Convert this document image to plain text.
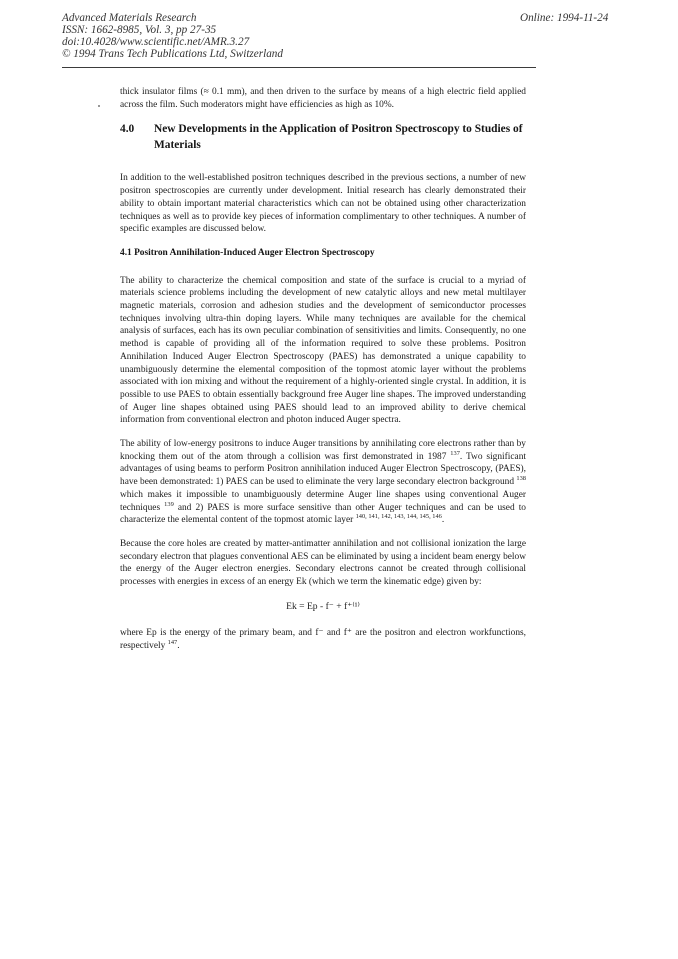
Advanced Materials Research
ISSN: 1662-8985, Vol. 3, pp 27-35
doi:10.4028/www.scientific.net/AMR.3.27
© 1994 Trans Tech Publications Ltd, Switzerland
Online: 1994-11-24

thick insulator films (≈ 0.1 mm), and then driven to the surface by means of a high electric field applied across the film. Such moderators might have efficiencies as high as 10%.

4.0	New Developments in the Application of Positron Spectroscopy to Studies of Materials

In addition to the well-established positron techniques described in the previous sections, a number of new positron spectroscopies are currently under development. Initial research has clearly demonstrated their ability to obtain important material characteristics which can not be obtained using other characterization techniques as well as to provide key pieces of information complimentary to other techniques. A number of specific examples are discussed below.

4.1 Positron Annihilation-Induced Auger Electron Spectroscopy

The ability to characterize the chemical composition and state of the surface is crucial to a myriad of materials science problems including the development of new catalytic alloys and new metal multilayer magnetic materials, corrosion and adhesion studies and the development of semiconductor processes techniques involving ultra-thin doping layers. While many techniques are available for the chemical analysis of surfaces, each has its own peculiar combination of sensitivities and limits. Consequently, no one method is capable of providing all of the information required to solve these problems. Positron Annihilation Induced Auger Electron Spectroscopy (PAES) has demonstrated a unique capability to unambiguously determine the elemental composition of the topmost atomic layer without the problems associated with ion mixing and without the requirement of a highly-oriented single crystal. In addition, it is possible to use PAES to obtain essentially background free Auger line shapes. The improved understanding of Auger line shapes obtained using PAES should lead to an improved ability to derive chemical information from conventional electron and photon induced Auger spectra.

The ability of low-energy positrons to induce Auger transitions by annihilating core electrons rather than by knocking them out of the atom through a collision was first demonstrated in 1987 $^{137}$. Two significant advantages of using beams to perform Positron annihilation induced Auger Electron Spectroscopy, (PAES), have been demonstrated: 1) PAES can be used to eliminate the very large secondary electron background $^{138}$ which makes it impossible to unambiguously determine Auger line shapes using conventional Auger techniques $^{139}$ and 2) PAES is more surface sensitive than other Auger techniques and can be used to characterize the elemental content of the topmost atomic layer $^{140, 141, 142, 143, 144, 145, 146}$.

Because the core holes are created by matter-antimatter annihilation and not collisional ionization the large secondary electron that plagues conventional AES can be eliminated by using a incident beam energy below the energy of the Auger electron energies. Secondary electrons cannot be created through collisional processes with energies in excess of an energy Ek (which we term the kinematic edge) given by:

Ek = Ep - f⁻ + f⁺⁽¹⁾

where Ep is the energy of the primary beam, and f⁻ and f⁺ are the positron and electron workfunctions, respectively $^{147}$.
